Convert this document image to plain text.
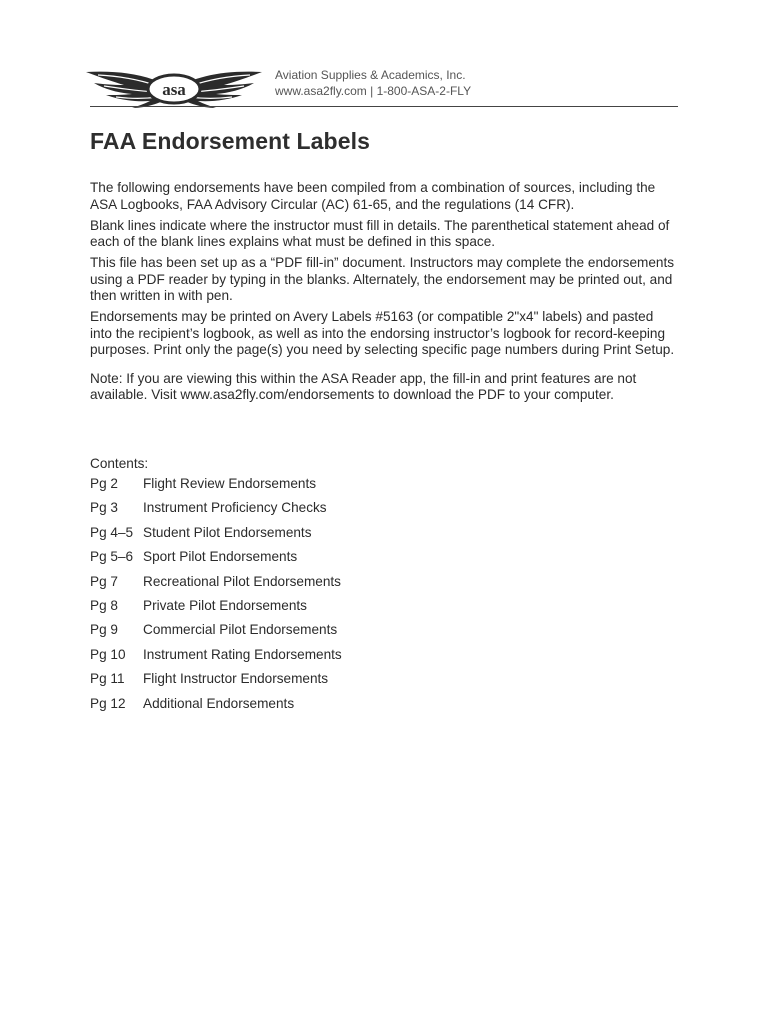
asa
Aviation Supplies & Academics, Inc.
www.asa2fly.com | 1-800-ASA-2-FLY
FAA Endorsement Labels

The following endorsements have been compiled from a combination of sources, including the
ASA Logbooks, FAA Advisory Circular (AC) 61-65, and the regulations (14 CFR).

Blank lines indicate where the instructor must fill in details. The parenthetical statement ahead of
each of the blank lines explains what must be defined in this space.

This file has been set up as a “PDF fill-in” document. Instructors may complete the endorsements
using a PDF reader by typing in the blanks. Alternately, the endorsement may be printed out, and
then written in with pen.

Endorsements may be printed on Avery Labels #5163 (or compatible 2"x4" labels) and pasted
into the recipient’s logbook, as well as into the endorsing instructor’s logbook for record-keeping
purposes. Print only the page(s) you need by selecting specific page numbers during Print Setup.

Note: If you are viewing this within the ASA Reader app, the fill-in and print features are not
available. Visit www.asa2fly.com/endorsements to download the PDF to your computer.

Contents:
Pg 2	Flight Review Endorsements
Pg 3	Instrument Proficiency Checks
Pg 4–5 Student Pilot Endorsements
Pg 5–6 Sport Pilot Endorsements
Pg 7	Recreational Pilot Endorsements
Pg 8	Private Pilot Endorsements
Pg 9	Commercial Pilot Endorsements
Pg 10	Instrument Rating Endorsements
Pg 11	Flight Instructor Endorsements
Pg 12	Additional Endorsements
